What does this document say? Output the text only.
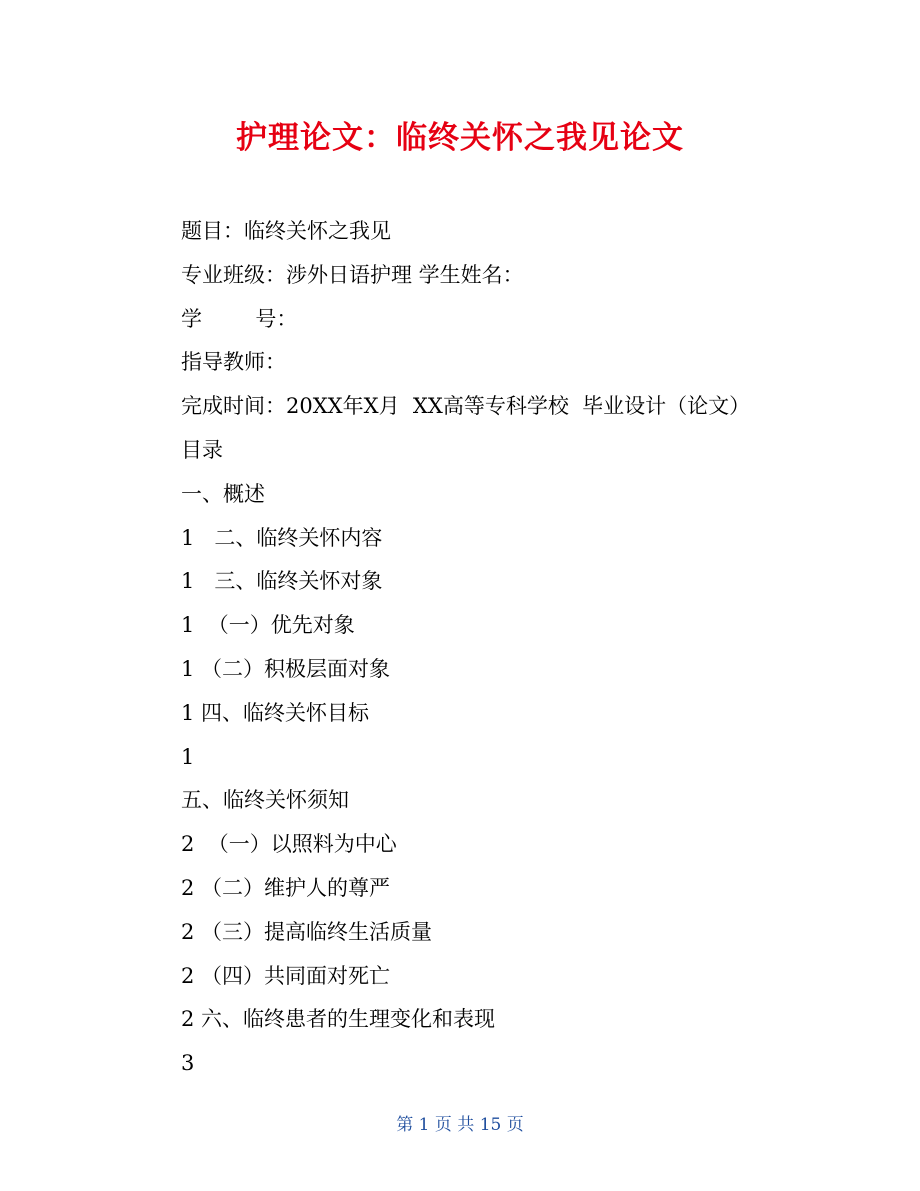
护理论文：临终关怀之我见论文
题目：临终关怀之我见
专业班级：涉外日语护理 学生姓名：
学        号：
指导教师：
完成时间：20XX年X月  XX高等专科学校  毕业设计（论文）
目录
一、概述
1   二、临终关怀内容
1   三、临终关怀对象
1  （一）优先对象
1 （二）积极层面对象
1 四、临终关怀目标
1
五、临终关怀须知
2  （一）以照料为中心
2 （二）维护人的尊严
2 （三）提高临终生活质量
2 （四）共同面对死亡
2 六、临终患者的生理变化和表现
3
第 1 页 共 15 页
